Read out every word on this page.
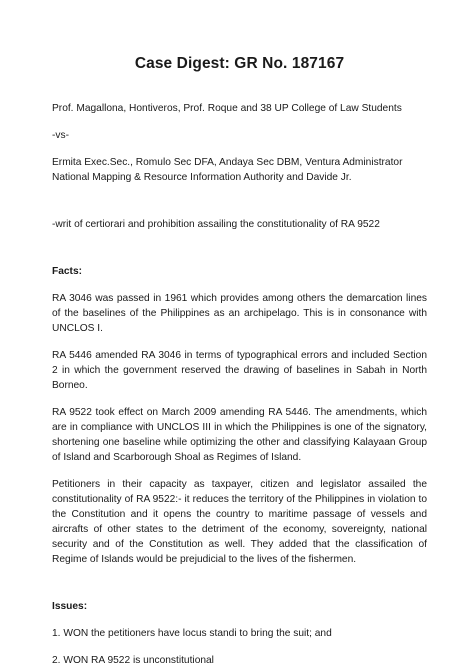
Case Digest: GR No. 187167

Prof. Magallona, Hontiveros, Prof. Roque and 38 UP College of Law Students

-vs-

Ermita Exec.Sec., Romulo Sec DFA, Andaya Sec DBM, Ventura Administrator National Mapping & Resource Information Authority and Davide Jr.

-writ of certiorari and prohibition assailing the constitutionality of RA 9522

Facts:

RA 3046 was passed in 1961 which provides among others the demarcation lines of the baselines of the Philippines as an archipelago. This is in consonance with UNCLOS I.

RA 5446 amended RA 3046 in terms of typographical errors and included Section 2 in which the government reserved the drawing of baselines in Sabah in North Borneo.

RA 9522 took effect on March 2009 amending RA 5446. The amendments, which are in compliance with UNCLOS III in which the Philippines is one of the signatory, shortening one baseline while optimizing the other and classifying Kalayaan Group of Island and Scarborough Shoal as Regimes of Island.

Petitioners in their capacity as taxpayer, citizen and legislator assailed the constitutionality of RA 9522:- it reduces the territory of the Philippines in violation to the Constitution and it opens the country to maritime passage of vessels and aircrafts of other states to the detriment of the economy, sovereignty, national security and of the Constitution as well. They added that the classification of Regime of Islands would be prejudicial to the lives of the fishermen.

Issues:

1. WON the petitioners have locus standi to bring the suit; and

2. WON RA 9522 is unconstitutional
